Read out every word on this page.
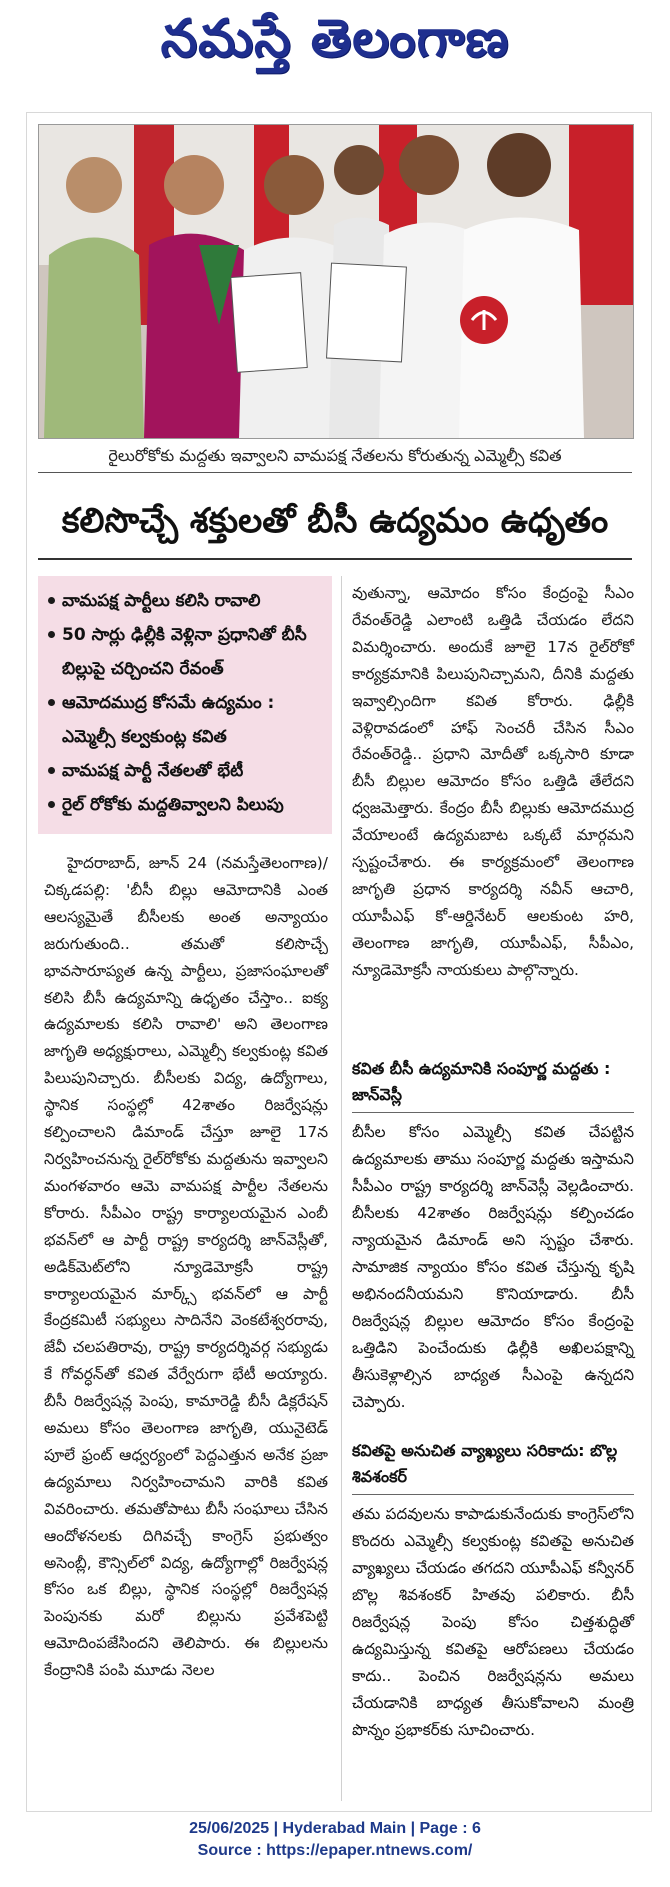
నమస్తే తెలంగాణ
రైలురోకోకు మద్దతు ఇవ్వాలని వామపక్ష నేతలను కోరుతున్న ఎమ్మెల్సీ కవిత
కలిసొచ్చే శక్తులతో బీసీ ఉద్యమం ఉధృతం
వామపక్ష పార్టీలు కలిసి రావాలి
50 సార్లు ఢిల్లీకి వెళ్లినా ప్రధానితో బీసీ బిల్లుపై చర్చించని రేవంత్
ఆమోదముద్ర కోసమే ఉద్యమం : ఎమ్మెల్సీ కల్వకుంట్ల కవిత
వామపక్ష పార్టీ నేతలతో భేటీ
రైల్ రోకోకు మద్దతివ్వాలని పిలుపు

హైదరాబాద్, జూన్ 24 (నమస్తేతెలంగాణ)/చిక్కడపల్లి: 'బీసీ బిల్లు ఆమోదానికి ఎంత ఆలస్యమైతే బీసీలకు అంత అన్యాయం జరుగుతుంది.. తమతో కలిసొచ్చే భావసారూప్యత ఉన్న పార్టీలు, ప్రజాసంఘాలతో కలిసి బీసీ ఉద్యమాన్ని ఉధృతం చేస్తాం.. ఐక్య ఉద్యమాలకు కలిసి రావాలి' అని తెలంగాణ జాగృతి అధ్యక్షురాలు, ఎమ్మెల్సీ కల్వకుంట్ల కవిత పిలుపునిచ్చారు. బీసీలకు విద్య, ఉద్యోగాలు, స్థానిక సంస్థల్లో 42శాతం రిజర్వేషన్లు కల్పించాలని డిమాండ్ చేస్తూ జూలై 17న నిర్వహించనున్న రైల్‌రోకోకు మద్దతును ఇవ్వాలని మంగళవారం ఆమె వామపక్ష పార్టీల నేతలను కోరారు. సీపీఎం రాష్ట్ర కార్యాలయమైన ఎంబీ భవన్‌లో ఆ పార్టీ రాష్ట్ర కార్యదర్శి జాన్‌వెస్లీతో, అడిక్‌మెట్‌లోని న్యూడెమోక్రసీ రాష్ట్ర కార్యాలయమైన మార్క్స్ భవన్‌లో ఆ పార్టీ కేంద్రకమిటీ సభ్యులు సాదినేని వెంకటేశ్వరరావు, జేవీ చలపతిరావు, రాష్ట్ర కార్యదర్శివర్గ సభ్యుడు కే గోవర్ధన్‌తో కవిత వేర్వేరుగా భేటీ అయ్యారు. బీసీ రిజర్వేషన్ల పెంపు, కామారెడ్డి బీసీ డిక్లరేషన్ అమలు కోసం తెలంగాణ జాగృతి, యునైటెడ్ పూలే ఫ్రంట్ ఆధ్వర్యంలో పెద్దఎత్తున అనేక ప్రజా ఉద్యమాలు నిర్వహించామని వారికి కవిత వివరించారు. తమతోపాటు బీసీ సంఘాలు చేసిన ఆందోళనలకు దిగివచ్చే కాంగ్రెస్ ప్రభుత్వం అసెంబ్లీ, కౌన్సిల్‌లో విద్య, ఉద్యోగాల్లో రిజర్వేషన్ల కోసం ఒక బిల్లు, స్థానిక సంస్థల్లో రిజర్వేషన్ల పెంపునకు మరో బిల్లును ప్రవేశపెట్టి ఆమోదింపజేసిందని తెలిపారు. ఈ బిల్లులను కేంద్రానికి పంపి మూడు నెలల

వుతున్నా, ఆమోదం కోసం కేంద్రంపై సీఎం రేవంత్‌రెడ్డి ఎలాంటి ఒత్తిడి చేయడం లేదని విమర్శించారు. అందుకే జూలై 17న రైల్‌రోకో కార్యక్రమానికి పిలుపునిచ్చామని, దీనికి మద్దతు ఇవ్వాల్సిందిగా కవిత కోరారు. ఢిల్లీకి వెళ్లిరావడంలో హాఫ్ సెంచరీ చేసిన సీఎం రేవంత్‌రెడ్డి.. ప్రధాని మోదీతో ఒక్కసారి కూడా బీసీ బిల్లుల ఆమోదం కోసం ఒత్తిడి తేలేదని ధ్వజమెత్తారు. కేంద్రం బీసీ బిల్లుకు ఆమోదముద్ర వేయాలంటే ఉద్యమబాట ఒక్కటే మార్గమని స్పష్టంచేశారు. ఈ కార్యక్రమంలో తెలంగాణ జాగృతి ప్రధాన కార్యదర్శి నవీన్ ఆచారి, యూపీఎఫ్ కో-ఆర్డినేటర్ ఆలకుంట హరి, తెలంగాణ జాగృతి, యూపీఎఫ్, సీపీఎం, న్యూడెమోక్రసీ నాయకులు పాల్గొన్నారు.

కవిత బీసీ ఉద్యమానికి సంపూర్ణ మద్దతు : జాన్‌వెస్లీ
బీసీల కోసం ఎమ్మెల్సీ కవిత చేపట్టిన ఉద్యమాలకు తాము సంపూర్ణ మద్దతు ఇస్తామని సీపీఎం రాష్ట్ర కార్యదర్శి జాన్‌వెస్లీ వెల్లడించారు. బీసీలకు 42శాతం రిజర్వేషన్లు కల్పించడం న్యాయమైన డిమాండ్ అని స్పష్టం చేశారు. సామాజిక న్యాయం కోసం కవిత చేస్తున్న కృషి అభినందనీయమని కొనియాడారు. బీసీ రిజర్వేషన్ల బిల్లుల ఆమోదం కోసం కేంద్రంపై ఒత్తిడిని పెంచేందుకు ఢిల్లీకి అఖిలపక్షాన్ని తీసుకెళ్లాల్సిన బాధ్యత సీఎంపై ఉన్నదని చెప్పారు.
కవితపై అనుచిత వ్యాఖ్యలు సరికాదు: బొల్ల శివశంకర్
తమ పదవులను కాపాడుకునేందుకు కాంగ్రెస్‌లోని కొందరు ఎమ్మెల్సీ కల్వకుంట్ల కవితపై అనుచిత వ్యాఖ్యలు చేయడం తగదని యూపీఎఫ్ కన్వీనర్ బొల్ల శివశంకర్ హితవు పలికారు. బీసీ రిజర్వేషన్ల పెంపు కోసం చిత్తశుద్ధితో ఉద్యమిస్తున్న కవితపై ఆరోపణలు చేయడం కాదు.. పెంచిన రిజర్వేషన్లను అమలు చేయడానికి బాధ్యత తీసుకోవాలని మంత్రి పొన్నం ప్రభాకర్‌కు సూచించారు.
25/06/2025 | Hyderabad Main | Page : 6
Source : https://epaper.ntnews.com/
